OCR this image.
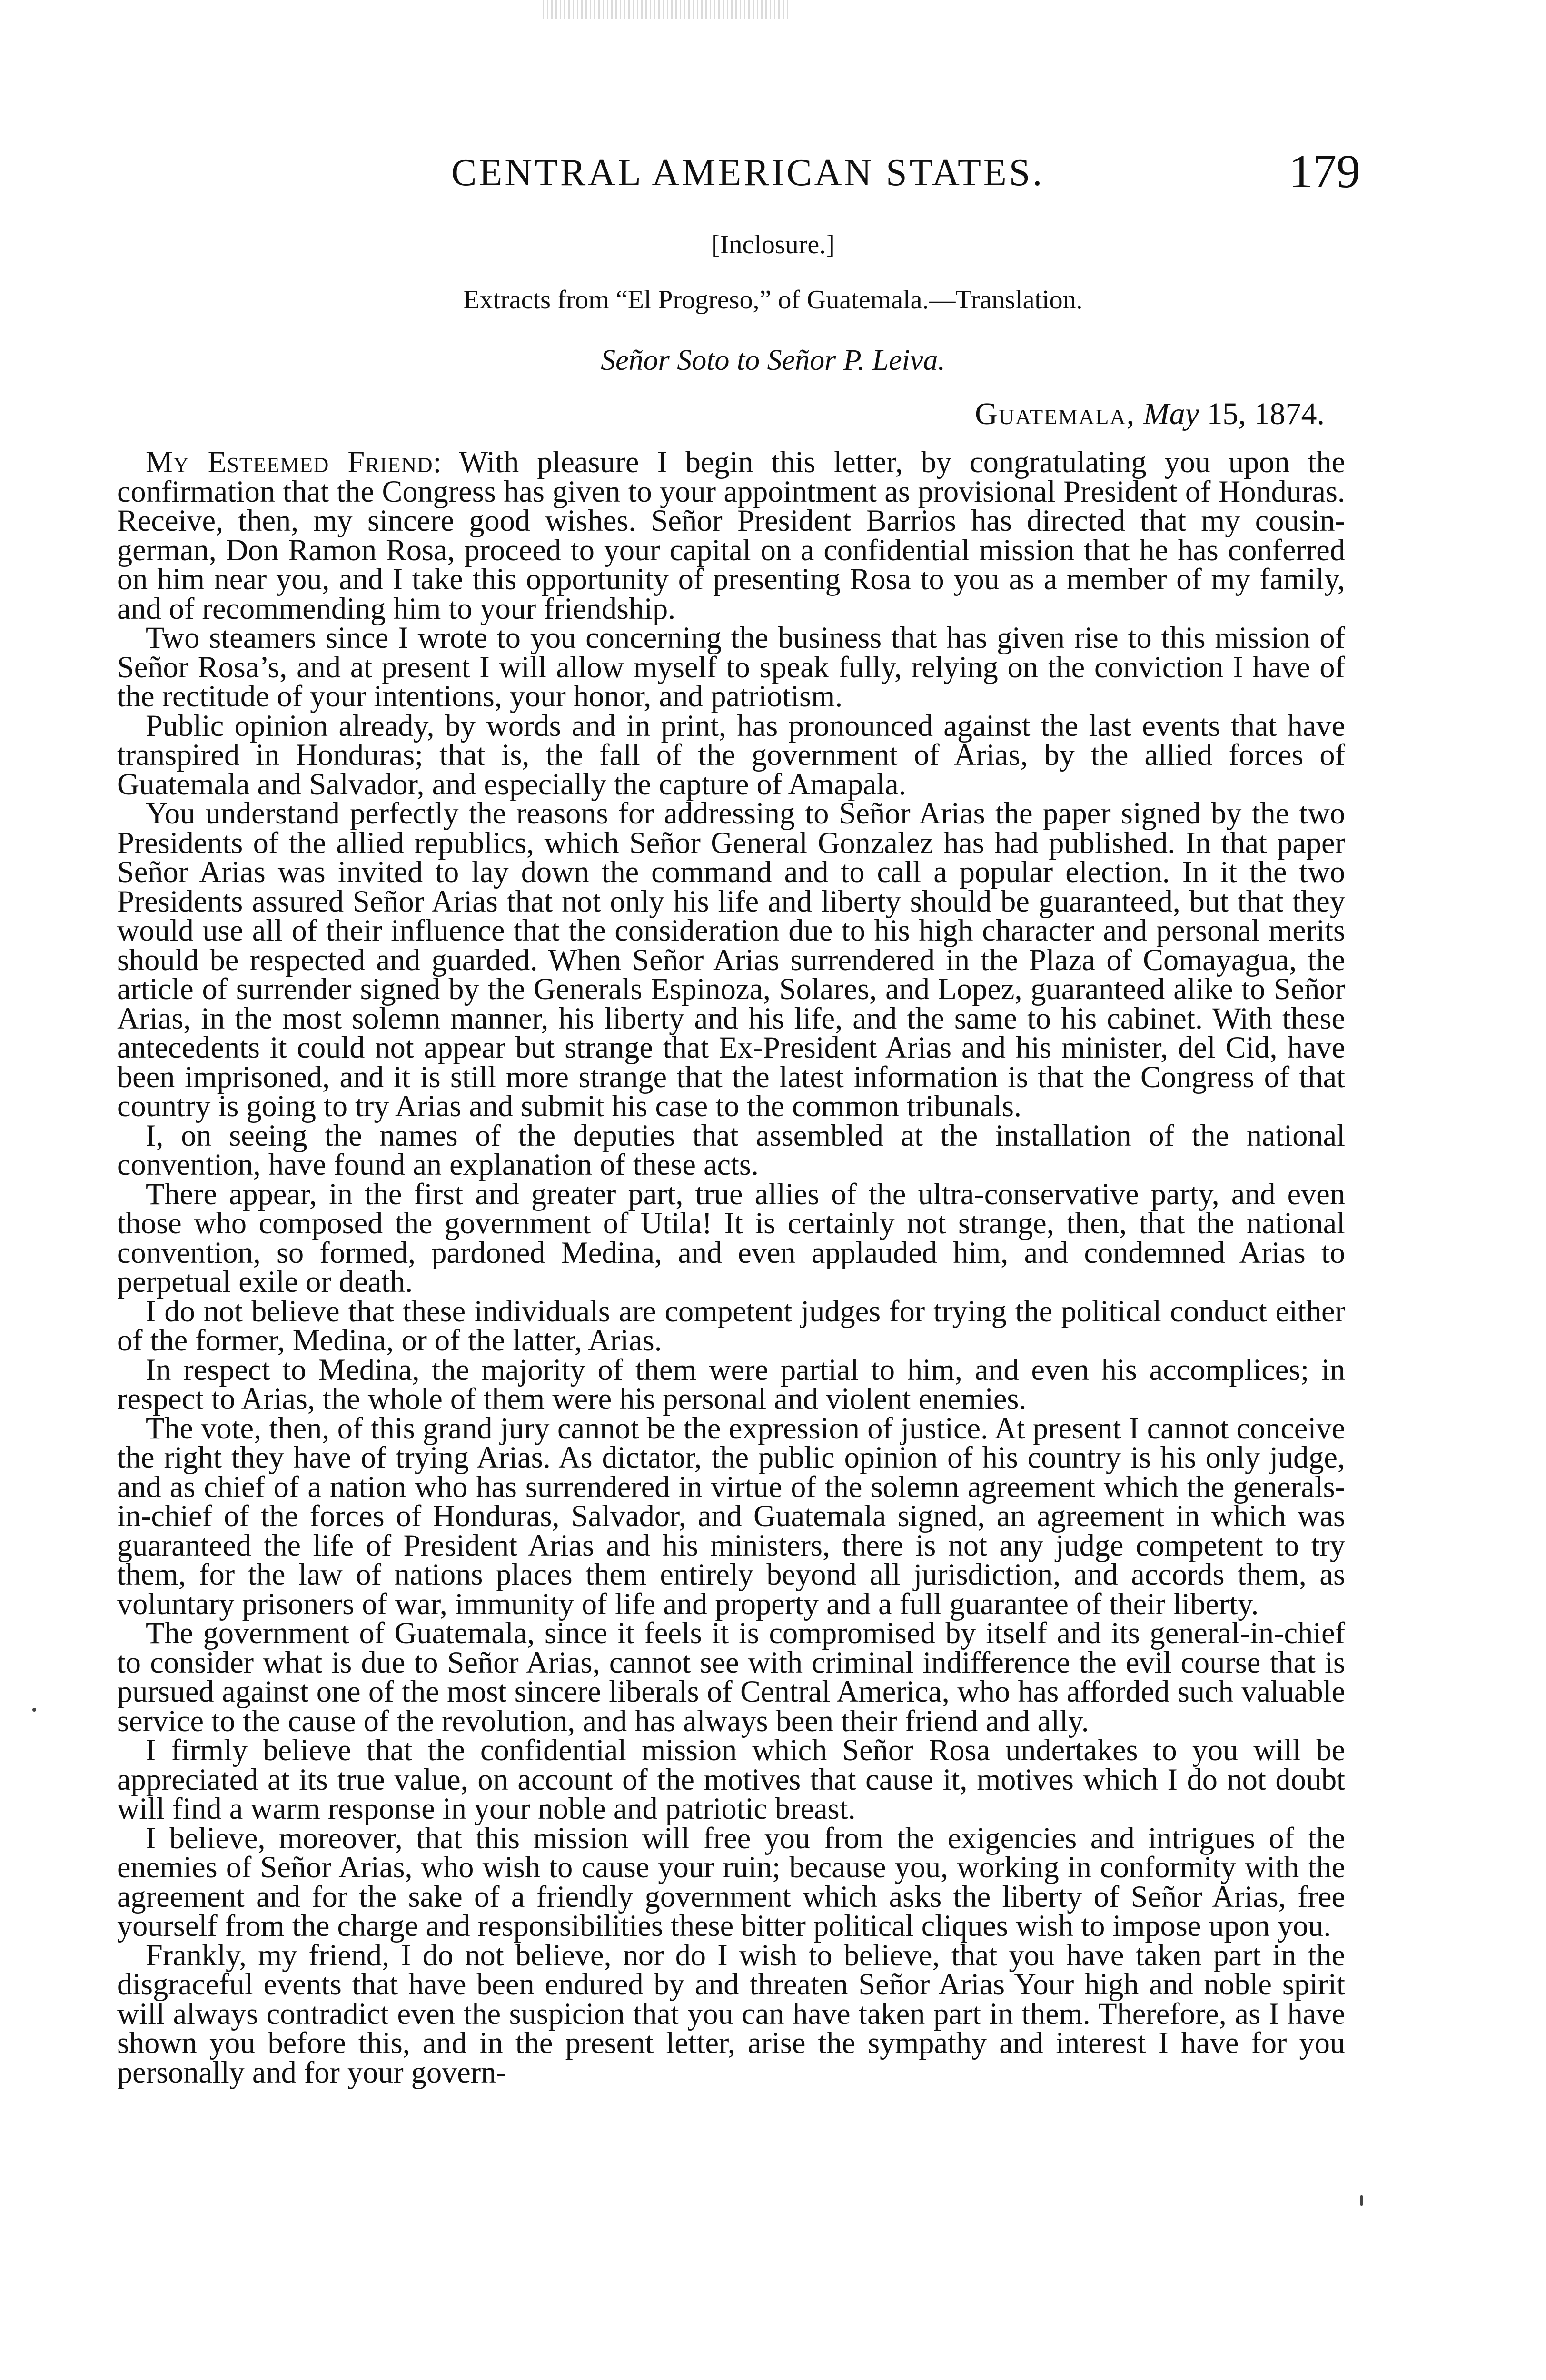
CENTRAL AMERICAN STATES.	179
[Inclosure.]
Extracts from “El Progreso,” of Guatemala.—Translation.
Señor Soto to Señor P. Leiva.
Guatemala, May 15, 1874.

My Esteemed Friend: With pleasure I begin this letter, by congratulating you upon the confirmation that the Congress has given to your appointment as provisional President of Honduras. Receive, then, my sincere good wishes. Señor President Barrios has directed that my cousin-german, Don Ramon Rosa, proceed to your capital on a confidential mission that he has conferred on him near you, and I take this opportunity of presenting Rosa to you as a member of my family, and of recommending him to your friendship.

Two steamers since I wrote to you concerning the business that has given rise to this mission of Señor Rosa’s, and at present I will allow myself to speak fully, relying on the conviction I have of the rectitude of your intentions, your honor, and patriotism.

Public opinion already, by words and in print, has pronounced against the last events that have transpired in Honduras; that is, the fall of the government of Arias, by the allied forces of Guatemala and Salvador, and especially the capture of Amapala.

You understand perfectly the reasons for addressing to Señor Arias the paper signed by the two Presidents of the allied republics, which Señor General Gonzalez has had published. In that paper Señor Arias was invited to lay down the command and to call a popular election. In it the two Presidents assured Señor Arias that not only his life and liberty should be guaranteed, but that they would use all of their influence that the consideration due to his high character and personal merits should be respected and guarded. When Señor Arias surrendered in the Plaza of Comayagua, the article of surrender signed by the Generals Espinoza, Solares, and Lopez, guaranteed alike to Señor Arias, in the most solemn manner, his liberty and his life, and the same to his cabinet. With these antecedents it could not appear but strange that Ex-President Arias and his minister, del Cid, have been imprisoned, and it is still more strange that the latest information is that the Congress of that country is going to try Arias and submit his case to the common tribunals.

I, on seeing the names of the deputies that assembled at the installation of the national convention, have found an explanation of these acts.

There appear, in the first and greater part, true allies of the ultra-conservative party, and even those who composed the government of Utila! It is certainly not strange, then, that the national convention, so formed, pardoned Medina, and even applauded him, and condemned Arias to perpetual exile or death.

I do not believe that these individuals are competent judges for trying the political conduct either of the former, Medina, or of the latter, Arias.

In respect to Medina, the majority of them were partial to him, and even his accomplices; in respect to Arias, the whole of them were his personal and violent enemies.

The vote, then, of this grand jury cannot be the expression of justice. At present I cannot conceive the right they have of trying Arias. As dictator, the public opinion of his country is his only judge, and as chief of a nation who has surrendered in virtue of the solemn agreement which the generals-in-chief of the forces of Honduras, Salvador, and Guatemala signed, an agreement in which was guaranteed the life of President Arias and his ministers, there is not any judge competent to try them, for the law of nations places them entirely beyond all jurisdiction, and accords them, as voluntary prisoners of war, immunity of life and property and a full guarantee of their liberty.

The government of Guatemala, since it feels it is compromised by itself and its general-in-chief to consider what is due to Señor Arias, cannot see with criminal indifference the evil course that is pursued against one of the most sincere liberals of Central America, who has afforded such valuable service to the cause of the revolution, and has always been their friend and ally.

I firmly believe that the confidential mission which Señor Rosa undertakes to you will be appreciated at its true value, on account of the motives that cause it, motives which I do not doubt will find a warm response in your noble and patriotic breast.

I believe, moreover, that this mission will free you from the exigencies and intrigues of the enemies of Señor Arias, who wish to cause your ruin; because you, working in conformity with the agreement and for the sake of a friendly government which asks the liberty of Señor Arias, free yourself from the charge and responsibilities these bitter political cliques wish to impose upon you.

Frankly, my friend, I do not believe, nor do I wish to believe, that you have taken part in the disgraceful events that have been endured by and threaten Señor Arias Your high and noble spirit will always contradict even the suspicion that you can have taken part in them. Therefore, as I have shown you before this, and in the present letter, arise the sympathy and interest I have for you personally and for your govern-
